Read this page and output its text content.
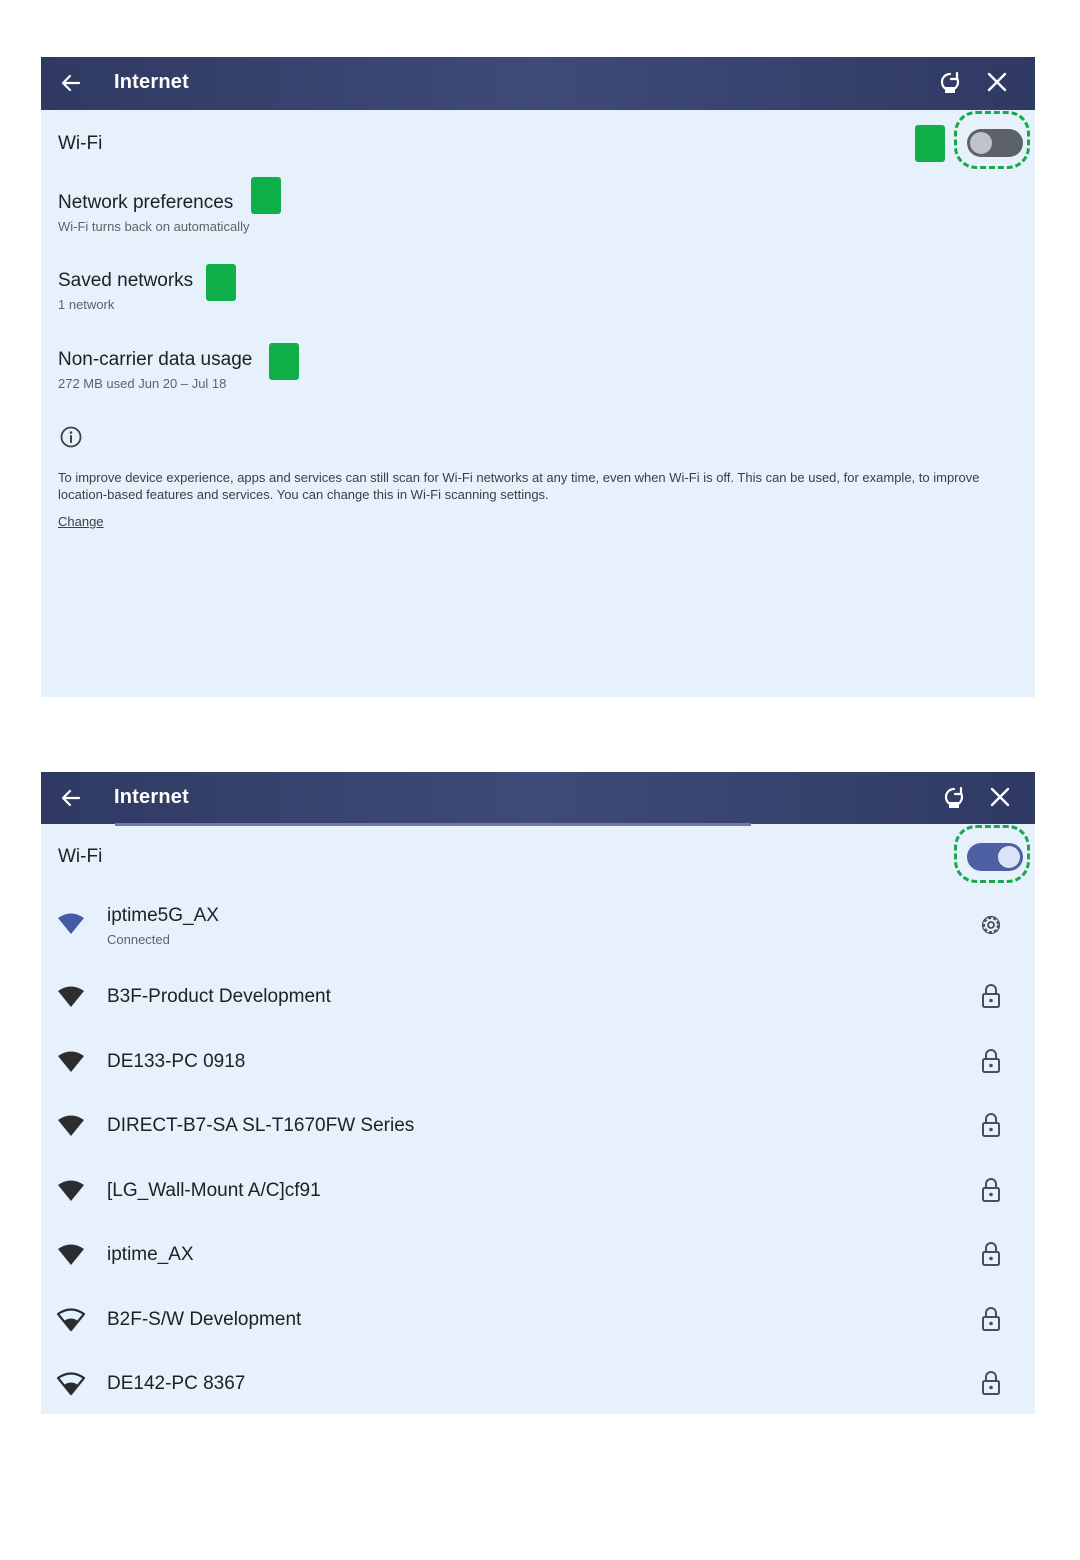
Internet
Wi-Fi
Network preferences
Wi-Fi turns back on automatically
Saved networks
1 network
Non-carrier data usage
272 MB used Jun 20 – Jul 18
To improve device experience, apps and services can still scan for Wi-Fi networks at any time, even when Wi-Fi is off. This can be used, for example, to improve location-based features and services. You can change this in Wi-Fi scanning settings.
Change
Internet
Wi-Fi
iptime5G_AX
Connected
B3F-Product Development
DE133-PC 0918
DIRECT-B7-SA SL-T1670FW Series
[LG_Wall-Mount A/C]cf91
iptime_AX
B2F-S/W Development
DE142-PC 8367
